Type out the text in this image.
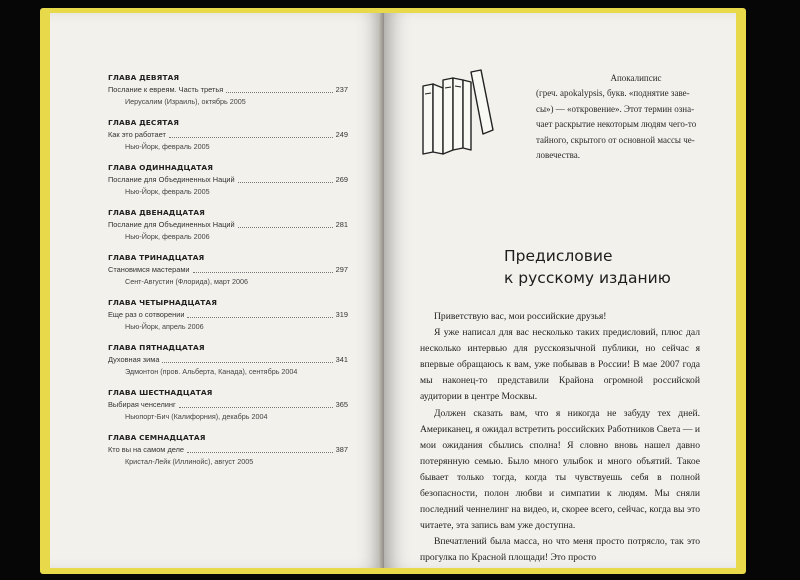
ГЛАВА ДЕВЯТАЯ
Послание к евреям. Часть третья	237
Иерусалим (Израиль), октябрь 2005
ГЛАВА ДЕСЯТАЯ
Как это работает	249
Нью-Йорк, февраль 2005
ГЛАВА ОДИННАДЦАТАЯ
Послание для Объединенных Наций	269
Нью-Йорк, февраль 2005
ГЛАВА ДВЕНАДЦАТАЯ
Послание для Объединенных Наций	281
Нью-Йорк, февраль 2006
ГЛАВА ТРИНАДЦАТАЯ
Становимся мастерами	297
Сент-Августин (Флорида), март 2006
ГЛАВА ЧЕТЫРНАДЦАТАЯ
Еще раз о сотворении	319
Нью-Йорк, апрель 2006
ГЛАВА ПЯТНАДЦАТАЯ
Духовная зима	341
Эдмонтон (пров. Альберта, Канада), сентябрь 2004
ГЛАВА ШЕСТНАДЦАТАЯ
Выбирая ченселинг	365
Ньюпорт-Бич (Калифорния), декабрь 2004
ГЛАВА СЕМНАДЦАТАЯ
Кто вы на самом деле	387
Кристал-Лейк (Иллинойс), август 2005
Апокалипсис
(греч. apokalypsis, букв. «поднятие заве-
сы») — «откровение». Этот термин озна-
чает раскрытие некоторым людям чего-то
тайного, скрытого от основной массы че-
ловечества.
Предисловие
к русскому изданию

Приветствую вас, мои российские друзья!

Я уже написал для вас несколько таких предисловий, плюс дал несколько интервью для русскоязычной публики, но сейчас я впервые обращаюсь к вам, уже побывав в России! В мае 2007 года мы наконец-то представили Крайона огромной российской аудитории в центре Москвы.

Должен сказать вам, что я никогда не забуду тех дней. Американец, я ожидал встретить российских Работников Света — и мои ожидания сбылись сполна! Я словно вновь нашел давно потерянную семью. Было много улыбок и много объятий. Такое бывает только тогда, когда ты чувствуешь себя в полной безопасности, полон любви и симпатии к людям. Мы сняли последний ченнелинг на видео, и, скорее всего, сейчас, когда вы это читаете, эта запись вам уже доступна.

Впечатлений была масса, но что меня просто потрясло, так это прогулка по Красной площади! Это просто
